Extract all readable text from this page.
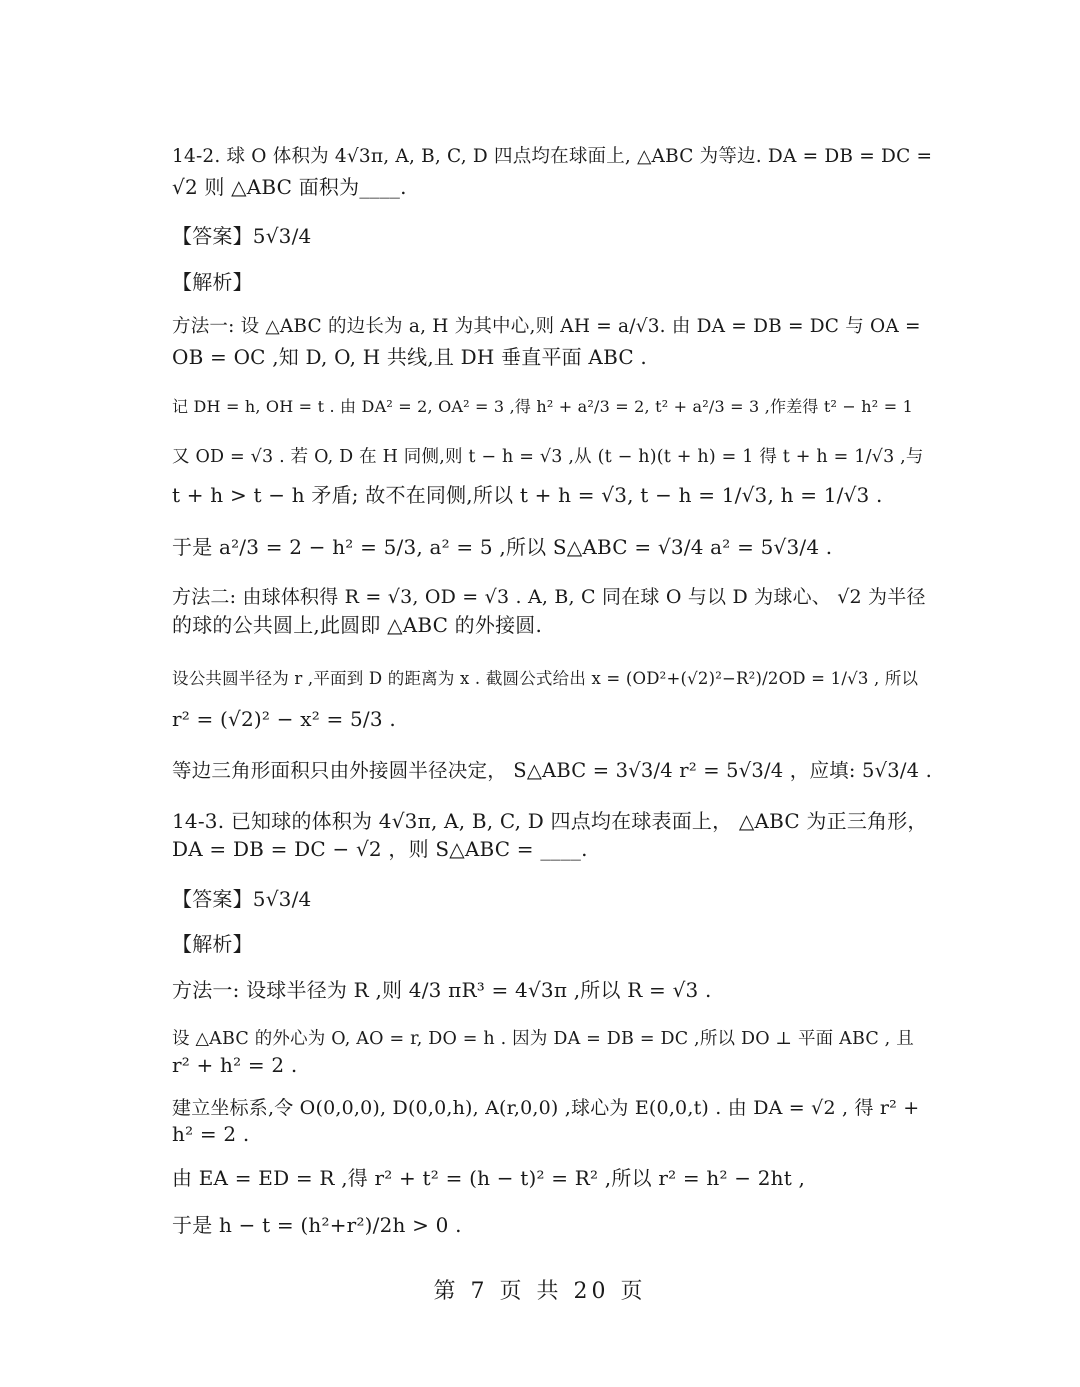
14-2. 球 O 体积为 4√3π, A, B, C, D 四点均在球面上, △ABC 为等边. DA = DB = DC =
√2 则 △ABC 面积为____.
【答案】5√3/4
【解析】
方法一: 设 △ABC 的边长为 a, H 为其中心,则 AH = a/√3. 由 DA = DB = DC 与 OA =
OB = OC ,知 D, O, H 共线,且 DH 垂直平面 ABC .
记 DH = h, OH = t . 由 DA² = 2, OA² = 3 ,得 h² + a²/3 = 2, t² + a²/3 = 3 ,作差得 t² − h² = 1
又 OD = √3 . 若 O, D 在 H 同侧,则 t − h = √3 ,从 (t − h)(t + h) = 1 得 t + h = 1/√3 ,与
t + h > t − h 矛盾; 故不在同侧,所以 t + h = √3, t − h = 1/√3, h = 1/√3 .
于是 a²/3 = 2 − h² = 5/3, a² = 5 ,所以 S△ABC = √3/4 a² = 5√3/4 .
方法二: 由球体积得 R = √3, OD = √3 . A, B, C 同在球 O 与以 D 为球心、 √2 为半径
的球的公共圆上,此圆即 △ABC 的外接圆.
设公共圆半径为 r ,平面到 D 的距离为 x . 截圆公式给出 x = (OD²+(√2)²−R²)/2OD = 1/√3 , 所以
r² = (√2)² − x² = 5/3 .
等边三角形面积只由外接圆半径决定， S△ABC = 3√3/4 r² = 5√3/4 ，应填: 5√3/4 .
14-3. 已知球的体积为 4√3π, A, B, C, D 四点均在球表面上， △ABC 为正三角形，
DA = DB = DC − √2 ，则 S△ABC = ____.
【答案】5√3/4
【解析】
方法一: 设球半径为 R ,则 4/3 πR³ = 4√3π ,所以 R = √3 .
设 △ABC 的外心为 O, AO = r, DO = h . 因为 DA = DB = DC ,所以 DO ⊥ 平面 ABC , 且
r² + h² = 2 .
建立坐标系,令 O(0,0,0), D(0,0,h), A(r,0,0) ,球心为 E(0,0,t) . 由 DA = √2 , 得 r² +
h² = 2 .
由 EA = ED = R ,得 r² + t² = (h − t)² = R² ,所以 r² = h² − 2ht ,
于是 h − t = (h²+r²)/2h > 0 .
第 7 页 共 20 页
